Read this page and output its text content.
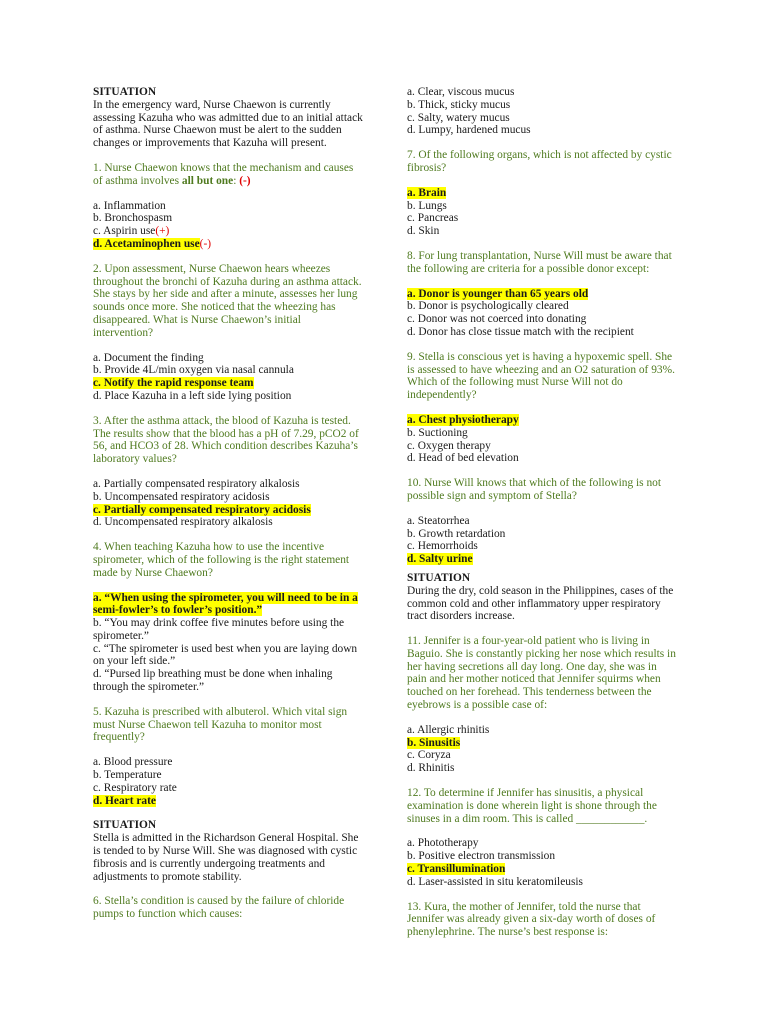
SITUATION

In the emergency ward, Nurse Chaewon is currently assessing Kazuha who was admitted due to an initial attack of asthma. Nurse Chaewon must be alert to the sudden changes or improvements that Kazuha will present.

1. Nurse Chaewon knows that the mechanism and causes of asthma involves all but one: (-)

a. Inflammation

b. Bronchospasm

c. Aspirin use(+)

d. Acetaminophen use(-)

2. Upon assessment, Nurse Chaewon hears wheezes throughout the bronchi of Kazuha during an asthma attack. She stays by her side and after a minute, assesses her lung sounds once more. She noticed that the wheezing has disappeared. What is Nurse Chaewon’s initial intervention?

a. Document the finding

b. Provide 4L/min oxygen via nasal cannula

c. Notify the rapid response team

d. Place Kazuha in a left side lying position

3. After the asthma attack, the blood of Kazuha is tested. The results show that the blood has a pH of 7.29, pCO2 of 56, and HCO3 of 28. Which condition describes Kazuha’s laboratory values?

a. Partially compensated respiratory alkalosis

b. Uncompensated respiratory acidosis

c. Partially compensated respiratory acidosis

d. Uncompensated respiratory alkalosis

4. When teaching Kazuha how to use the incentive spirometer, which of the following is the right statement made by Nurse Chaewon?

a. “When using the spirometer, you will need to be in a semi-fowler’s to fowler’s position.”

b. “You may drink coffee five minutes before using the spirometer.”

c. “The spirometer is used best when you are laying down on your left side.”

d. “Pursed lip breathing must be done when inhaling through the spirometer.”

5. Kazuha is prescribed with albuterol. Which vital sign must Nurse Chaewon tell Kazuha to monitor most frequently?

a. Blood pressure

b. Temperature

c. Respiratory rate

d. Heart rate

SITUATION

Stella is admitted in the Richardson General Hospital. She is tended to by Nurse Will. She was diagnosed with cystic fibrosis and is currently undergoing treatments and adjustments to promote stability.

6. Stella’s condition is caused by the failure of chloride pumps to function which causes:

a. Clear, viscous mucus

b. Thick, sticky mucus

c. Salty, watery mucus

d. Lumpy, hardened mucus

7. Of the following organs, which is not affected by cystic fibrosis?

a. Brain

b. Lungs

c. Pancreas

d. Skin

8. For lung transplantation, Nurse Will must be aware that the following are criteria for a possible donor except:

a. Donor is younger than 65 years old

b. Donor is psychologically cleared

c. Donor was not coerced into donating

d. Donor has close tissue match with the recipient

9. Stella is conscious yet is having a hypoxemic spell. She is assessed to have wheezing and an O2 saturation of 93%. Which of the following must Nurse Will not do independently?

a. Chest physiotherapy

b. Suctioning

c. Oxygen therapy

d. Head of bed elevation

10. Nurse Will knows that which of the following is not possible sign and symptom of Stella?

a. Steatorrhea

b. Growth retardation

c. Hemorrhoids

d. Salty urine

SITUATION

During the dry, cold season in the Philippines, cases of the common cold and other inflammatory upper respiratory tract disorders increase.

11. Jennifer is a four-year-old patient who is living in Baguio. She is constantly picking her nose which results in her having secretions all day long. One day, she was in pain and her mother noticed that Jennifer squirms when touched on her forehead. This tenderness between the eyebrows is a possible case of:

a. Allergic rhinitis

b. Sinusitis

c. Coryza

d. Rhinitis

12. To determine if Jennifer has sinusitis, a physical examination is done wherein light is shone through the sinuses in a dim room. This is called ____________.

a. Phototherapy

b. Positive electron transmission

c. Transillumination

d. Laser-assisted in situ keratomileusis

13. Kura, the mother of Jennifer, told the nurse that Jennifer was already given a six-day worth of doses of phenylephrine. The nurse’s best response is:
